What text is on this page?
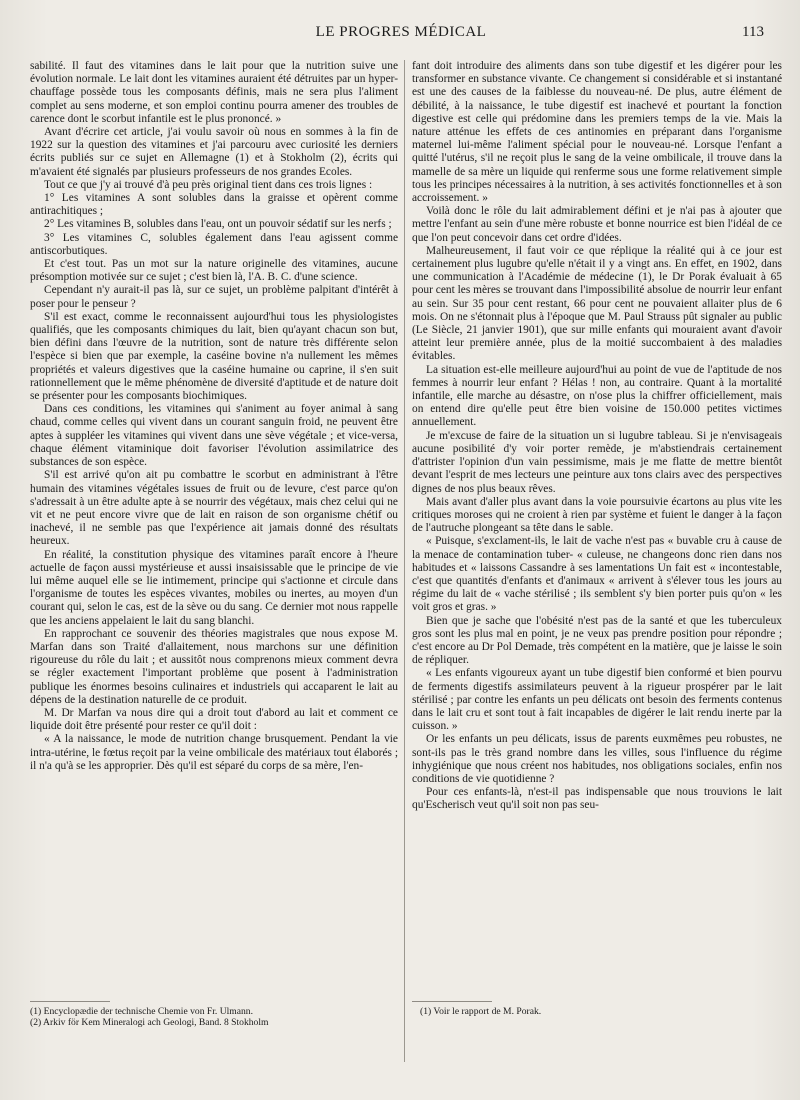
LE PROGRES MÉDICAL	113

sabilité. Il faut des vitamines dans le lait pour que la nutrition suive une évolution normale. Le lait dont les vitamines auraient été détruites par un hyper-chauffage possède tous les composants définis, mais ne sera plus l'aliment complet au sens moderne, et son emploi continu pourra amener des troubles de carence dont le scorbut infantile est le plus prononcé. »

Avant d'écrire cet article, j'ai voulu savoir où nous en sommes à la fin de 1922 sur la question des vitamines et j'ai parcouru avec curiosité les derniers écrits publiés sur ce sujet en Allemagne (1) et à Stokholm (2), écrits qui m'avaient été signalés par plusieurs professeurs de nos grandes Ecoles.

Tout ce que j'y ai trouvé d'à peu près original tient dans ces trois lignes :

1° Les vitamines A sont solubles dans la graisse et opèrent comme antirachitiques ;

2° Les vitamines B, solubles dans l'eau, ont un pouvoir sédatif sur les nerfs ;

3° Les vitamines C, solubles également dans l'eau agissent comme antiscorbutiques.

Et c'est tout. Pas un mot sur la nature originelle des vitamines, aucune présomption motivée sur ce sujet ; c'est bien là, l'A. B. C. d'une science.

Cependant n'y aurait-il pas là, sur ce sujet, un problème palpitant d'intérêt à poser pour le penseur ?

S'il est exact, comme le reconnaissent aujourd'hui tous les physiologistes qualifiés, que les composants chimiques du lait, bien qu'ayant chacun son but, bien défini dans l'œuvre de la nutrition, sont de nature très différente selon l'espèce si bien que par exemple, la caséine bovine n'a nullement les mêmes propriétés et valeurs digestives que la caséine humaine ou caprine, il s'en suit rationnellement que le même phénomène de diversité d'aptitude et de nature doit se présenter pour les composants biochimiques.

Dans ces conditions, les vitamines qui s'animent au foyer animal à sang chaud, comme celles qui vivent dans un courant sanguin froid, ne peuvent être aptes à suppléer les vitamines qui vivent dans une sève végétale ; et vice-versa, chaque élément vitaminique doit favoriser l'évolution assimilatrice des substances de son espèce.

S'il est arrivé qu'on ait pu combattre le scorbut en administrant à l'être humain des vitamines végétales issues de fruit ou de levure, c'est parce qu'on s'adressait à un être adulte apte à se nourrir des végétaux, mais chez celui qui ne vit et ne peut encore vivre que de lait en raison de son organisme chétif ou inachevé, il ne semble pas que l'expérience ait jamais donné des résultats heureux.

En réalité, la constitution physique des vitamines paraît encore à l'heure actuelle de façon aussi mystérieuse et aussi insaisissable que le principe de vie lui même auquel elle se lie intimement, principe qui s'actionne et circule dans l'organisme de toutes les espèces vivantes, mobiles ou inertes, au moyen d'un courant qui, selon le cas, est de la sève ou du sang. Ce dernier mot nous rappelle que les anciens appelaient le lait du sang blanchi.

En rapprochant ce souvenir des théories magistrales que nous expose M. Marfan dans son Traité d'allaitement, nous marchons sur une définition rigoureuse du rôle du lait ; et aussitôt nous comprenons mieux comment devra se régler exactement l'important problème que posent à l'administration publique les énormes besoins culinaires et industriels qui accaparent le lait au dépens de la destination naturelle de ce produit.

M. Dr Marfan va nous dire qui a droit tout d'abord au lait et comment ce liquide doit être présenté pour rester ce qu'il doit :

« A la naissance, le mode de nutrition change brusquement. Pendant la vie intra-utérine, le fœtus reçoit par la veine ombilicale des matériaux tout élaborés ; il n'a qu'à se les approprier. Dès qu'il est séparé du corps de sa mère, l'en-

fant doit introduire des aliments dans son tube digestif et les digérer pour les transformer en substance vivante. Ce changement si considérable et si instantané est une des causes de la faiblesse du nouveau-né. De plus, autre élément de débilité, à la naissance, le tube digestif est inachevé et pourtant la fonction digestive est celle qui prédomine dans les premiers temps de la vie. Mais la nature atténue les effets de ces antinomies en préparant dans l'organisme maternel lui-même l'aliment spécial pour le nouveau-né. Lorsque l'enfant a quitté l'utérus, s'il ne reçoit plus le sang de la veine ombilicale, il trouve dans la mamelle de sa mère un liquide qui renferme sous une forme relativement simple tous les principes nécessaires à la nutrition, à ses activités fonctionnelles et à son accroissement. »

Voilà donc le rôle du lait admirablement défini et je n'ai pas à ajouter que mettre l'enfant au sein d'une mère robuste et bonne nourrice est bien l'idéal de ce que l'on peut concevoir dans cet ordre d'idées.

Malheureusement, il faut voir ce que réplique la réalité qui à ce jour est certainement plus lugubre qu'elle n'était il y a vingt ans. En effet, en 1902, dans une communication à l'Académie de médecine (1), le Dr Porak évaluait à 65 pour cent les mères se trouvant dans l'impossibilité absolue de nourrir leur enfant au sein. Sur 35 pour cent restant, 66 pour cent ne pouvaient allaiter plus de 6 mois. On ne s'étonnait plus à l'époque que M. Paul Strauss pût signaler au public (Le Siècle, 21 janvier 1901), que sur mille enfants qui mouraient avant d'avoir atteint leur première année, plus de la moitié succombaient à des maladies évitables.

La situation est-elle meilleure aujourd'hui au point de vue de l'aptitude de nos femmes à nourrir leur enfant ? Hélas ! non, au contraire. Quant à la mortalité infantile, elle marche au désastre, on n'ose plus la chiffrer officiellement, mais on entend dire qu'elle peut être bien voisine de 150.000 petites victimes annuellement.

Je m'excuse de faire de la situation un si lugubre tableau. Si je n'envisageais aucune posibilité d'y voir porter remède, je m'abstiendrais certainement d'attrister l'opinion d'un vain pessimisme, mais je me flatte de mettre bientôt devant l'esprit de mes lecteurs une peinture aux tons clairs avec des perspectives dignes de nos plus beaux rêves.

Mais avant d'aller plus avant dans la voie poursuivie écartons au plus vite les critiques moroses qui ne croient à rien par système et fuient le danger à la façon de l'autruche plongeant sa tête dans le sable.

« Puisque, s'exclament-ils, le lait de vache n'est pas « buvable cru à cause de la menace de contamination tuber- « culeuse, ne changeons donc rien dans nos habitudes et « laissons Cassandre à ses lamentations Un fait est « incontestable, c'est que quantités d'enfants et d'animaux « arrivent à s'élever tous les jours au régime du lait de « vache stérilisé ; ils semblent s'y bien porter puis qu'on « les voit gros et gras. »

Bien que je sache que l'obésité n'est pas de la santé et que les tuberculeux gros sont les plus mal en point, je ne veux pas prendre position pour répondre ; c'est encore au Dr Pol Demade, très compétent en la matière, que je laisse le soin de répliquer.

« Les enfants vigoureux ayant un tube digestif bien conformé et bien pourvu de ferments digestifs assimilateurs peuvent à la rigueur prospérer par le lait stérilisé ; par contre les enfants un peu délicats ont besoin des ferments contenus dans le lait cru et sont tout à fait incapables de digérer le lait rendu inerte par la cuisson. »

Or les enfants un peu délicats, issus de parents euxmêmes peu robustes, ne sont-ils pas le très grand nombre dans les villes, sous l'influence du régime inhygiénique que nous créent nos habitudes, nos obligations sociales, enfin nos conditions de vie quotidienne ?

Pour ces enfants-là, n'est-il pas indispensable que nous trouvions le lait qu'Escherisch veut qu'il soit non pas seu-

(1) Encyclopædie der technische Chemie von Fr. Ulmann.
(2) Arkiv för Kem Mineralogi ach Geologi, Band. 8 Stokholm
(1) Voir le rapport de M. Porak.
